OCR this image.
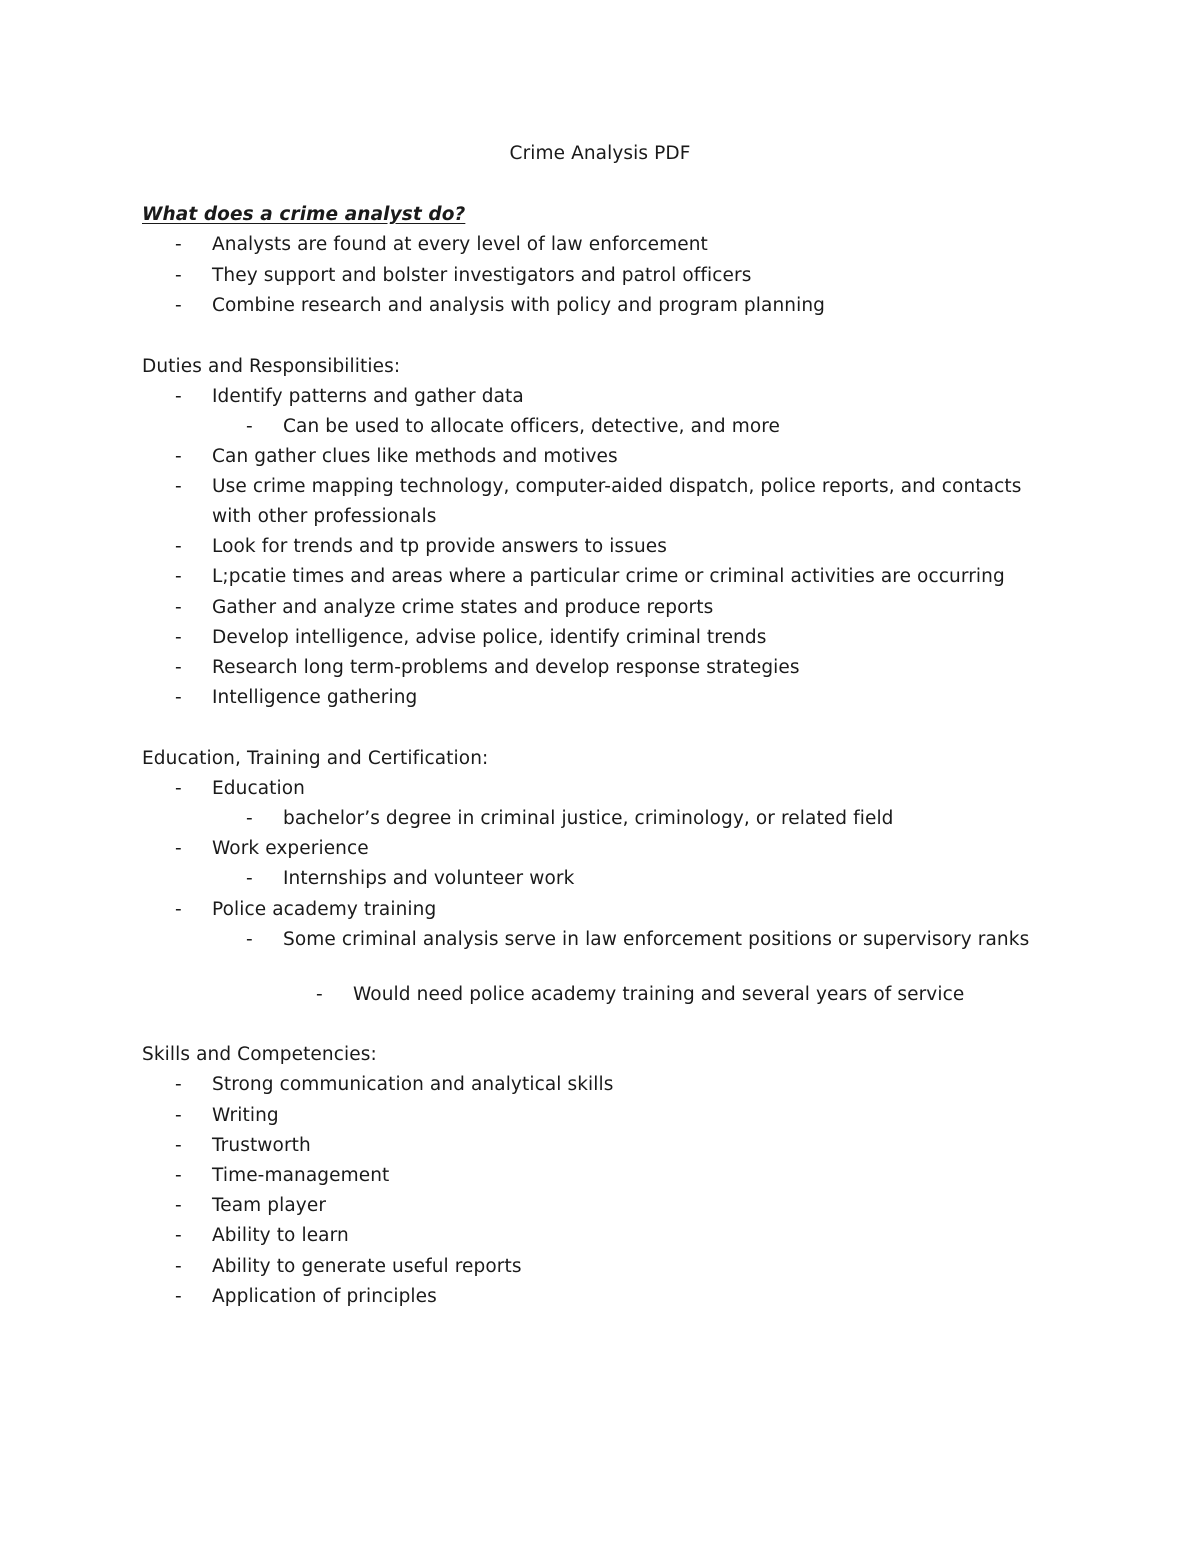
Crime Analysis PDF
What does a crime analyst do?
- Analysts are found at every level of law enforcement
- They support and bolster investigators and patrol officers
- Combine research and analysis with policy and program planning
Duties and Responsibilities:
- Identify patterns and gather data
- Can be used to allocate officers, detective, and more
- Can gather clues like methods and motives
- Use crime mapping technology, computer-aided dispatch, police reports, and contacts
with other professionals
- Look for trends and tp provide answers to issues
- L;pcatie times and areas where a particular crime or criminal activities are occurring
- Gather and analyze crime states and produce reports
- Develop intelligence, advise police, identify criminal trends
- Research long term-problems and develop response strategies
- Intelligence gathering
Education, Training and Certification:
- Education
- bachelor’s degree in criminal justice, criminology, or related field
- Work experience
- Internships and volunteer work
- Police academy training
- Some criminal analysis serve in law enforcement positions or supervisory ranks
- Would need police academy training and several years of service
Skills and Competencies:
- Strong communication and analytical skills
- Writing
- Trustworth
- Time-management
- Team player
- Ability to learn
- Ability to generate useful reports
- Application of principles
